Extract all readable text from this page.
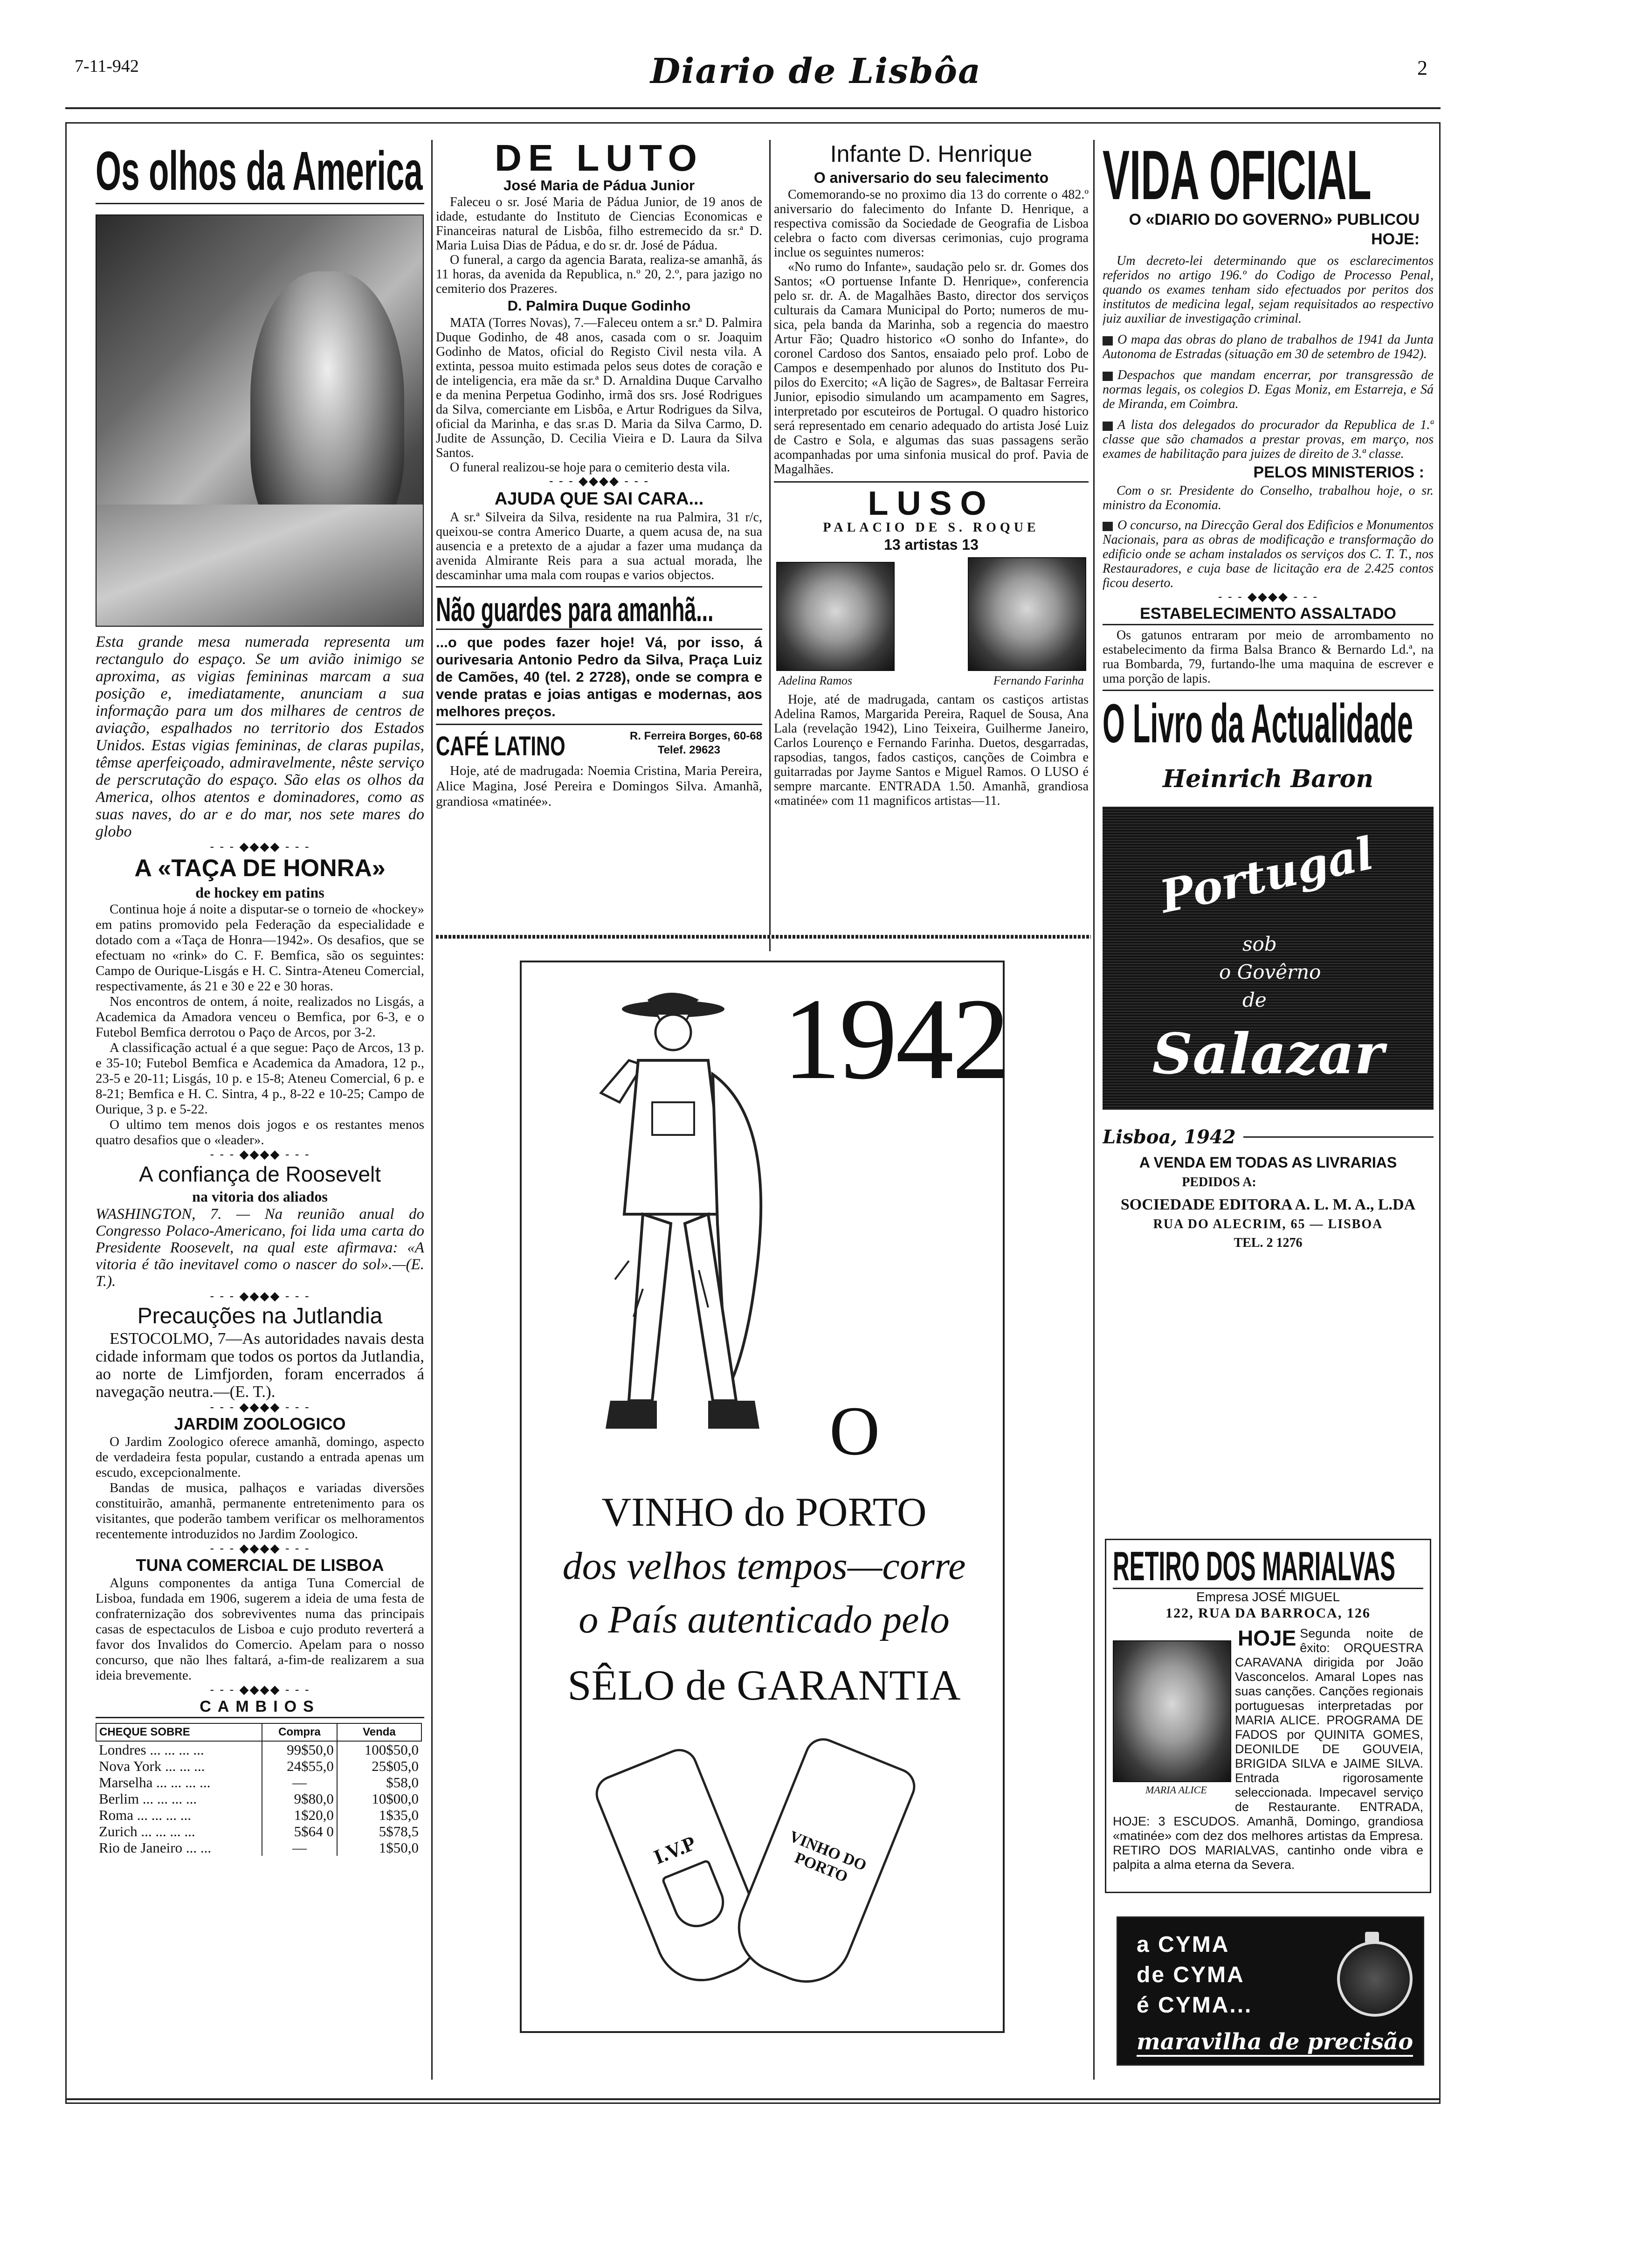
7-11-942	Diario de Lisbôa	2
Os olhos da America

Esta grande mesa numerada representa um rectangulo do espaço. Se um avião inimigo se aproxima, as vigias femininas marcam a sua posição e, imediatamente, anunciam a sua informação para um dos milhares de centros de aviação, espalhados no territorio dos Estados Unidos. Estas vigias femininas, de claras pupilas, têmse aperfeiçoado, admiravelmente, nêste serviço de perscrutação do espaço. São elas os olhos da America, olhos atentos e dominadores, como as suas naves, do ar e do mar, nos sete mares do globo

- - - ◆◆◆◆ - - -
A «TAÇA DE HONRA»
de hockey em patins

Continua hoje á noite a disputar-se o torneio de «hockey» em patins promovido pela Federação da especialidade e dotado com a «Taça de Honra—1942». Os desafios, que se efectuam no «rink» do C. F. Bemfica, são os seguintes: Campo de Ourique-Lisgás e H. C. Sintra-Ateneu Comercial, respectivamente, ás 21 e 30 e 22 e 30 horas.

Nos encontros de ontem, á noite, realizados no Lisgás, a Academica da Amadora venceu o Bemfica, por 6-3, e o Futebol Bemfica derrotou o Paço de Arcos, por 3-2.

A classificação actual é a que segue: Paço de Arcos, 13 p. e 35-10; Futebol Bemfica e Academica da Amadora, 12 p., 23-5 e 20-11; Lisgás, 10 p. e 15-8; Ateneu Comercial, 6 p. e 8-21; Bemfica e H. C. Sintra, 4 p., 8-22 e 10-25; Campo de Ourique, 3 p. e 5-22.

O ultimo tem menos dois jogos e os restantes menos quatro desafios que o «leader».

- - - ◆◆◆◆ - - -
A confiança de Roosevelt
na vitoria dos aliados

WASHINGTON, 7. — Na reunião anual do Congresso Polaco-Americano, foi lida uma carta do Presidente Roosevelt, na qual este afirmava: «A vitoria é tão inevitavel como o nascer do sol».—(E. T.).

- - - ◆◆◆◆ - - -
Precauções na Jutlandia

ESTOCOLMO, 7—As autoridades navais desta cidade informam que todos os portos da Jutlandia, ao norte de Limfjorden, foram encerrados á navegação neutra.—(E. T.).

- - - ◆◆◆◆ - - -
JARDIM ZOOLOGICO

O Jardim Zoologico oferece amanhã, domingo, aspecto de verdadeira festa popular, custando a entrada apenas um escudo, excepcionalmente.

Bandas de musica, palhaços e variadas diversões constituirão, amanhã, permanente entretenimento para os visitantes, que poderão tambem verificar os melhoramentos recentemente introduzidos no Jardim Zoologico.

- - - ◆◆◆◆ - - -
TUNA COMERCIAL DE LISBOA

Alguns componentes da antiga Tuna Comercial de Lisboa, fundada em 1906, sugerem a ideia de uma festa de confraternização dos sobreviventes numa das principais casas de espectaculos de Lisboa e cujo produto reverterá a favor dos Invalidos do Comercio. Apelam para o nosso concurso, que não lhes faltará, a-fim-de realizarem a sua ideia brevemente.

- - - ◆◆◆◆ - - -
CAMBIOS
CHEQUE SOBRE	Compra	Venda
Londres ... ... ... ...	99$50,0	100$50,0
Nova York ... ... ...	24$55,0	25$05,0
Marselha ... ... ... ...	—	$58,0
Berlim ... ... ... ...	9$80,0	10$00,0
Roma ... ... ... ...	1$20,0	1$35,0
Zurich ... ... ... ...	5$64 0	5$78,5
Rio de Janeiro ... ...	—	1$50,0
DE LUTO
José Maria de Pádua Junior

Faleceu o sr. José Maria de Pádua Junior, de 19 anos de idade, estudante do Instituto de Ciencias Economicas e Financeiras natural de Lisbôa, filho estremecido da sr.ª D. Maria Luisa Dias de Pádua, e do sr. dr. José de Pádua.

O funeral, a cargo da agencia Barata, realiza-se amanhã, ás 11 horas, da avenida da Republica, n.º 20, 2.º, para jazigo no cemiterio dos Prazeres.

D. Palmira Duque Godinho

MATA (Torres Novas), 7.—Faleceu ontem a sr.ª D. Palmira Duque Godinho, de 48 anos, casada com o sr. Joaquim Godinho de Matos, oficial do Registo Civil nesta vila. A extinta, pessoa muito estimada pelos seus dotes de coração e de inteligencia, era mãe da sr.ª D. Arnaldina Duque Carvalho e da menina Perpetua Godinho, irmã dos srs. José Rodrigues da Silva, comerciante em Lisbôa, e Artur Rodrigues da Silva, oficial da Marinha, e das sr.as D. Maria da Silva Carmo, D. Judite de Assunção, D. Cecilia Vieira e D. Laura da Silva Santos.

O funeral realizou-se hoje para o cemiterio desta vila.

- - - ◆◆◆◆ - - -
AJUDA QUE SAI CARA...

A sr.ª Silveira da Silva, residente na rua Palmira, 31 r/c, queixou-se contra Americo Duarte, a quem acusa de, na sua ausencia e a pretexto de a ajudar a fazer uma mudança da avenida Almirante Reis para a sua actual morada, lhe descaminhar uma mala com roupas e varios objectos.

Não guardes para amanhã...

...o que podes fazer hoje! Vá, por isso, á ourivesaria Antonio Pedro da Silva, Praça Luiz de Camões, 40 (tel. 2 2728), onde se compra e vende pratas e joias antigas e modernas, aos melhores preços.

CAFÉ LATINO	R. Ferreira Borges, 60-68
Telef. 29623

Hoje, até de madrugada: Noemia Cristina, Maria Pereira, Alice Magina, José Pereira e Domingos Silva. Amanhã, grandiosa «matinée».

Infante D. Henrique
O aniversario do seu falecimento

Comemorando-se no proximo dia 13 do corrente o 482.º aniversario do falecimento do Infante D. Henrique, a respectiva comissão da Sociedade de Geografia de Lisboa celebra o facto com diversas cerimonias, cujo programa inclue os seguintes numeros:

«No rumo do Infante», saudação pelo sr. dr. Gomes dos Santos; «O portuense Infante D. Henrique», conferencia pelo sr. dr. A. de Magalhães Basto, director dos serviços culturais da Camara Municipal do Porto; numeros de musica, pela banda da Marinha, sob a regencia do maestro Artur Fão; Quadro historico «O sonho do Infante», do coronel Cardoso dos Santos, ensaiado pelo prof. Lobo de Campos e desempenhado por alunos do Instituto dos Pupilos do Exercito; «A lição de Sagres», de Baltasar Ferreira Junior, episodio simulando um acampamento em Sagres, interpretado por escuteiros de Portugal. O quadro historico será representado em cenario adequado do artista José Luiz de Castro e Sola, e algumas das suas passagens serão acompanhadas por uma sinfonia musical do prof. Pavia de Magalhães.

LUSO
PALACIO DE S. ROQUE
13 artistas 13
Adelina Ramos	Fernando Farinha

Hoje, até de madrugada, cantam os castiços artistas Adelina Ramos, Margarida Pereira, Raquel de Sousa, Ana Lala (revelação 1942), Lino Teixeira, Guilherme Janeiro, Carlos Lourenço e Fernando Farinha. Duetos, desgarradas, rapsodias, tangos, fados castiços, canções de Coimbra e guitarradas por Jayme Santos e Miguel Ramos. O LUSO é sempre marcante. ENTRADA 1.50. Amanhã, grandiosa «matinée» com 11 magnificos artistas—11.

1942
O
VINHO do PORTO
dos velhos tempos—corre
o País autenticado pelo
SÊLO de GARANTIA
I.V.P	VINHO DO PORTO
VIDA OFICIAL
O «DIARIO DO GOVERNO» PUBLICOU HOJE:

Um decreto-lei determinando que os esclarecimentos referidos no artigo 196.º do Codigo de Processo Penal, quando os exames tenham sido efectuados por peritos dos institutos de medicina legal, sejam requisitados ao respectivo juiz auxiliar de investigação criminal.

O mapa das obras do plano de trabalhos de 1941 da Junta Autonoma de Estradas (situação em 30 de setembro de 1942).

Despachos que mandam encerrar, por transgressão de normas legais, os colegios D. Egas Moniz, em Estarreja, e Sá de Miranda, em Coimbra.

A lista dos delegados do procurador da Republica de 1.ª classe que são chamados a prestar provas, em março, nos exames de habilitação para juizes de direito de 3.ª classe.

PELOS MINISTERIOS :

Com o sr. Presidente do Conselho, trabalhou hoje, o sr. ministro da Economia.

O concurso, na Direcção Geral dos Edificios e Monumentos Nacionais, para as obras de modificação e transformação do edificio onde se acham instalados os serviços dos C. T. T., nos Restauradores, e cuja base de licitação era de 2.425 contos ficou deserto.

- - - ◆◆◆◆ - - -
ESTABELECIMENTO ASSALTADO

Os gatunos entraram por meio de arrombamento no estabelecimento da firma Balsa Branco & Bernardo Ld.ª, na rua Bombarda, 79, furtando-lhe uma maquina de escrever e uma porção de lapis.

O Livro da Actualidade
Heinrich Baron
Portugal
sob
o Govêrno
de
Salazar
Lisboa, 1942
A VENDA EM TODAS AS LIVRARIAS
PEDIDOS A:
SOCIEDADE EDITORA A. L. M. A., L.DA
RUA DO ALECRIM, 65 — LISBOA
TEL. 2 1276
RETIRO DOS MARIALVAS
Empresa JOSÉ MIGUEL
122, RUA DA BARROCA, 126
MARIA ALICE

HOJE Segunda noite de êxito: ORQUESTRA CARAVANA dirigida por João Vasconcelos. Amaral Lopes nas suas canções. Canções regionais portuguesas interpretadas por MARIA ALICE. PROGRAMA DE FADOS por QUINITA GOMES, DEONILDE DE GOUVEIA, BRIGIDA SILVA e JAIME SILVA. Entrada rigorosamente seleccionada. Impecavel serviço de Restaurante. ENTRADA, HOJE: 3 ESCUDOS. Amanhã, Domingo, grandiosa «matinée» com dez dos melhores artistas da Empresa. RETIRO DOS MARIALVAS, cantinho onde vibra e palpita a alma eterna da Severa.

a CYMA
de CYMA
é CYMA...
maravilha de precisão
